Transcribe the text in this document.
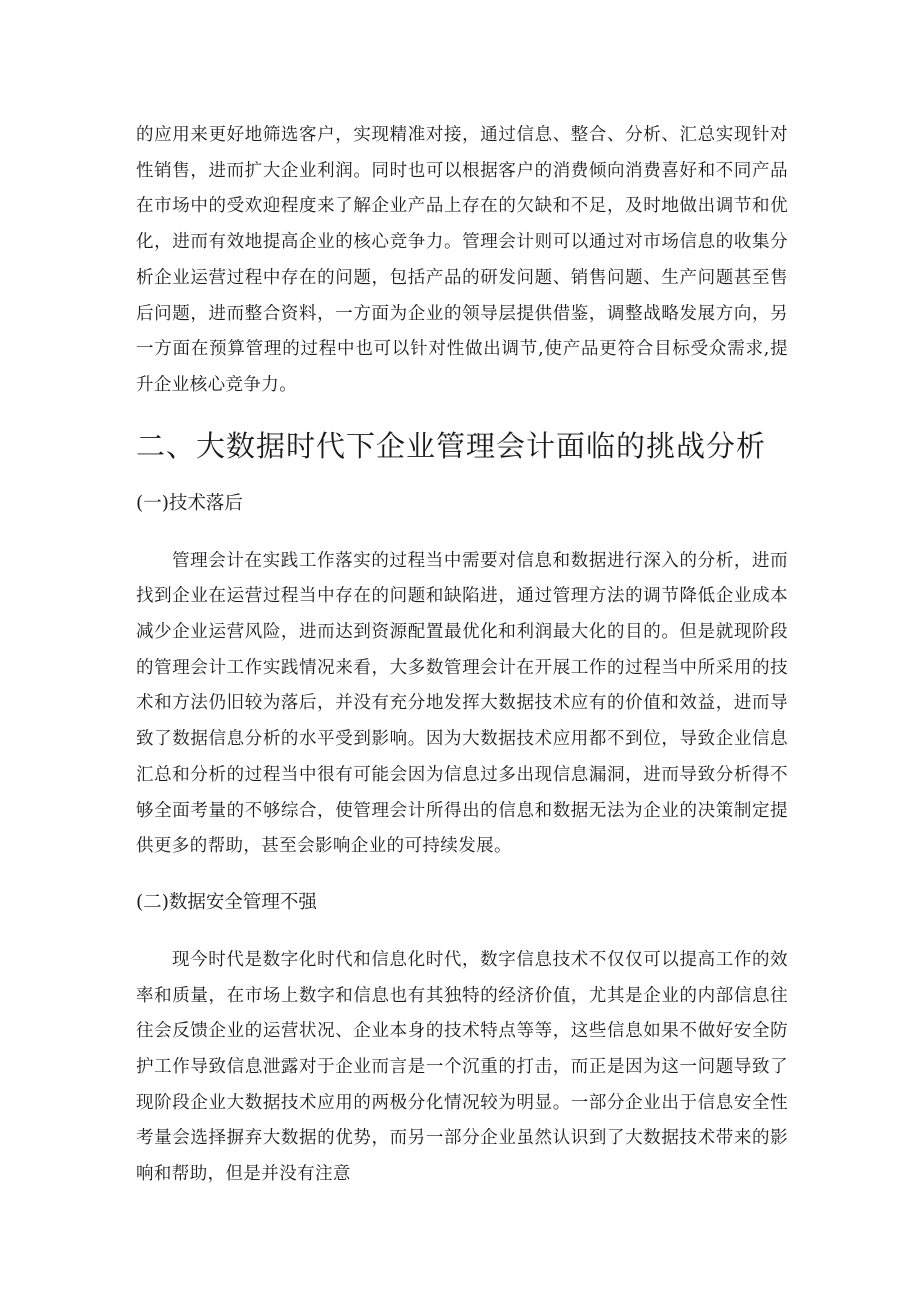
的应用来更好地筛选客户，实现精准对接，通过信息、整合、分析、汇总实现针对性销售，进而扩大企业利润。同时也可以根据客户的消费倾向消费喜好和不同产品在市场中的受欢迎程度来了解企业产品上存在的欠缺和不足，及时地做出调节和优化，进而有效地提高企业的核心竞争力。管理会计则可以通过对市场信息的收集分析企业运营过程中存在的问题，包括产品的研发问题、销售问题、生产问题甚至售后问题，进而整合资料，一方面为企业的领导层提供借鉴，调整战略发展方向，另一方面在预算管理的过程中也可以针对性做出调节,使产品更符合目标受众需求,提升企业核心竞争力。

二、大数据时代下企业管理会计面临的挑战分析
(一)技术落后

管理会计在实践工作落实的过程当中需要对信息和数据进行深入的分析，进而找到企业在运营过程当中存在的问题和缺陷进，通过管理方法的调节降低企业成本减少企业运营风险，进而达到资源配置最优化和利润最大化的目的。但是就现阶段的管理会计工作实践情况来看，大多数管理会计在开展工作的过程当中所采用的技术和方法仍旧较为落后，并没有充分地发挥大数据技术应有的价值和效益，进而导致了数据信息分析的水平受到影响。因为大数据技术应用都不到位，导致企业信息汇总和分析的过程当中很有可能会因为信息过多出现信息漏洞，进而导致分析得不够全面考量的不够综合，使管理会计所得出的信息和数据无法为企业的决策制定提供更多的帮助，甚至会影响企业的可持续发展。

(二)数据安全管理不强

现今时代是数字化时代和信息化时代，数字信息技术不仅仅可以提高工作的效率和质量，在市场上数字和信息也有其独特的经济价值，尤其是企业的内部信息往往会反馈企业的运营状况、企业本身的技术特点等等，这些信息如果不做好安全防护工作导致信息泄露对于企业而言是一个沉重的打击，而正是因为这一问题导致了现阶段企业大数据技术应用的两极分化情况较为明显。一部分企业出于信息安全性考量会选择摒弃大数据的优势，而另一部分企业虽然认识到了大数据技术带来的影响和帮助，但是并没有注意
